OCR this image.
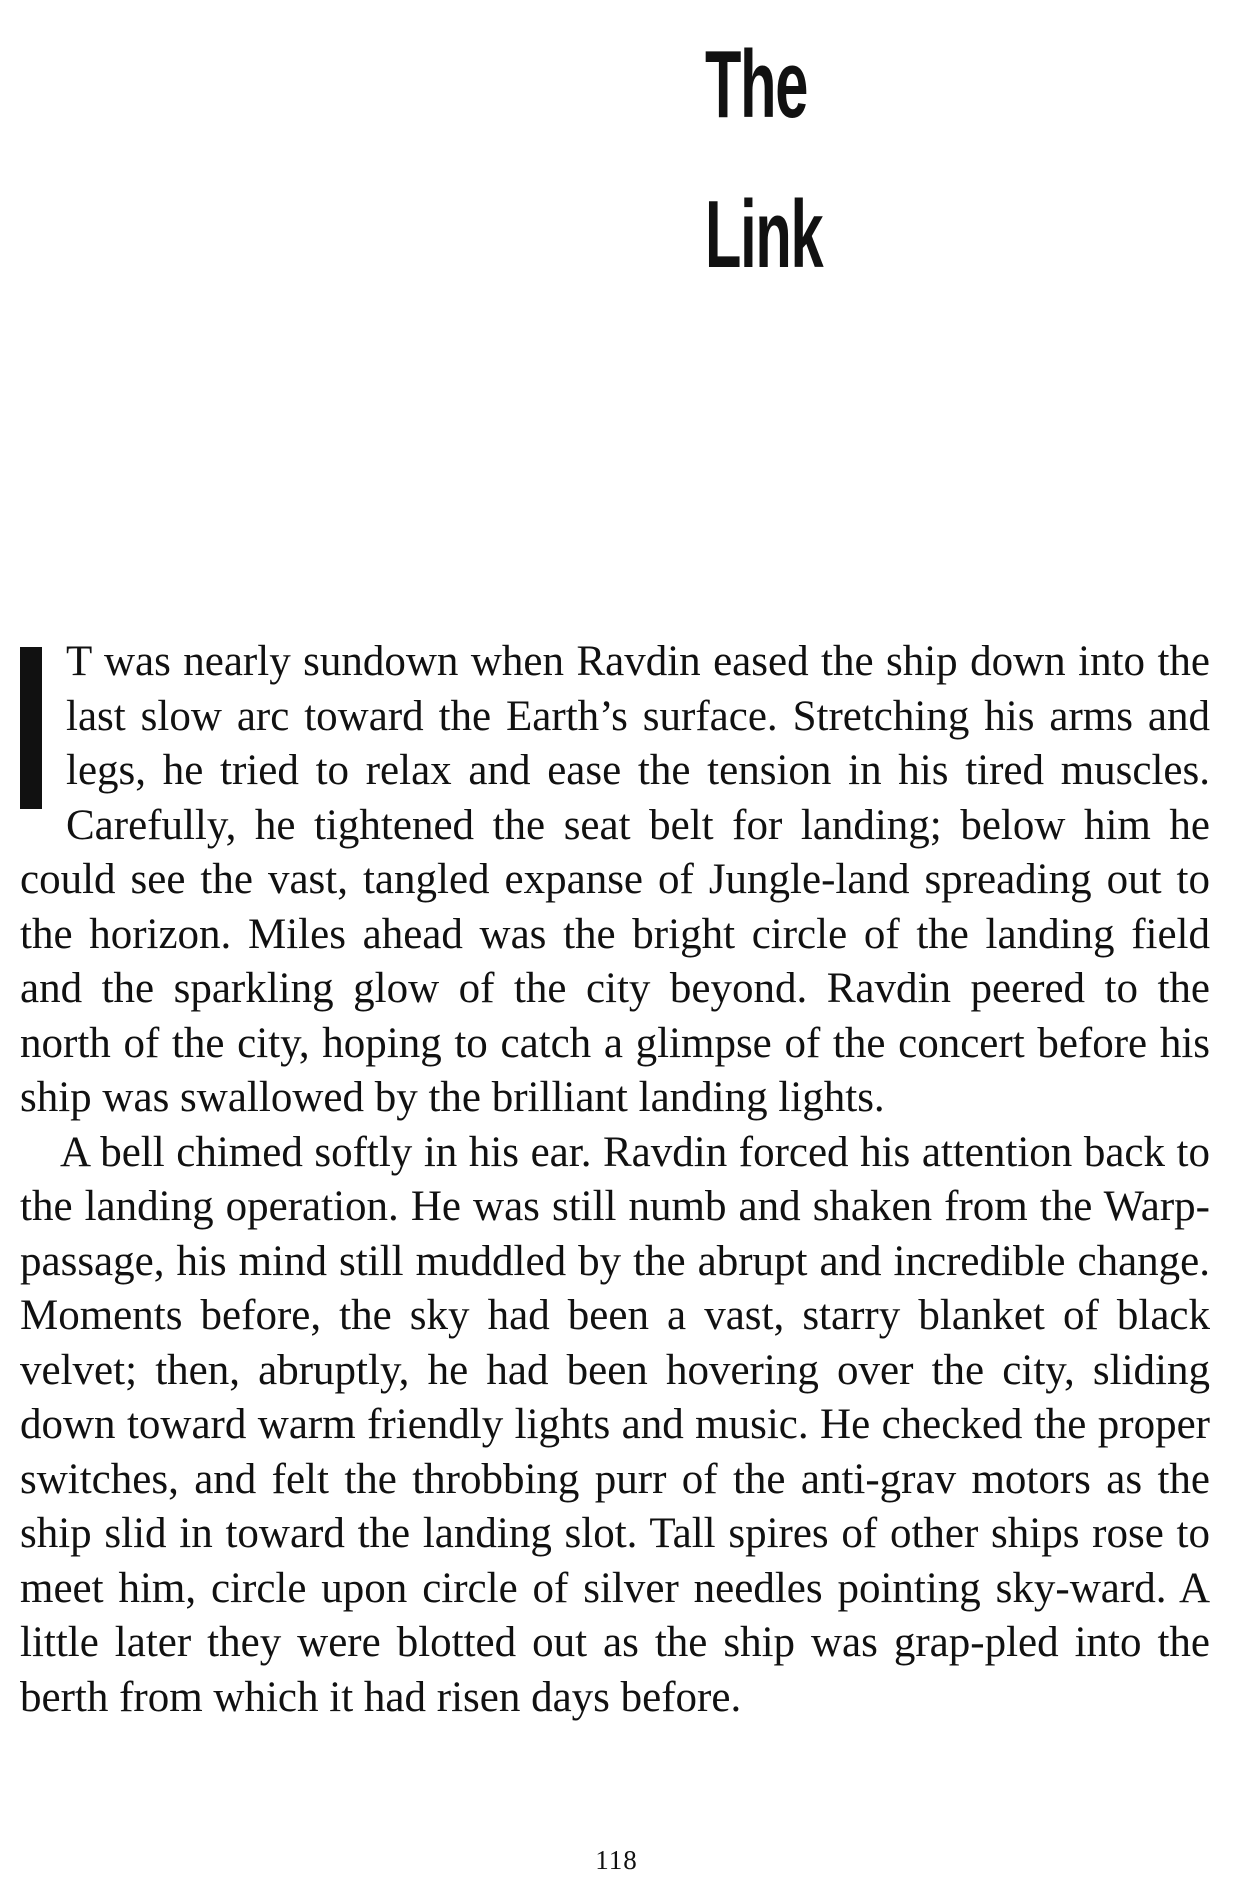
The
Link

T was nearly sundown when Ravdin eased the ship down into the last slow arc toward the Earth’s surface. Stretching his arms and legs, he tried to relax and ease the tension in his tired muscles. Carefully, he tightened the seat belt for landing; below him he could see the vast, tangled expanse of Jungle-land spreading out to the horizon. Miles ahead was the bright circle of the landing field and the sparkling glow of the city beyond. Ravdin peered to the north of the city, hoping to catch a glimpse of the concert before his ship was swallowed by the brilliant landing lights.

A bell chimed softly in his ear. Ravdin forced his attention back to the landing operation. He was still numb and shaken from the Warp-passage, his mind still muddled by the abrupt and incredible change. Moments before, the sky had been a vast, starry blanket of black velvet; then, abruptly, he had been hovering over the city, sliding down toward warm friendly lights and music. He checked the proper switches, and felt the throbbing purr of the anti-grav motors as the ship slid in toward the landing slot. Tall spires of other ships rose to meet him, circle upon circle of silver needles pointing sky-ward. A little later they were blotted out as the ship was grap-pled into the berth from which it had risen days before.

118
